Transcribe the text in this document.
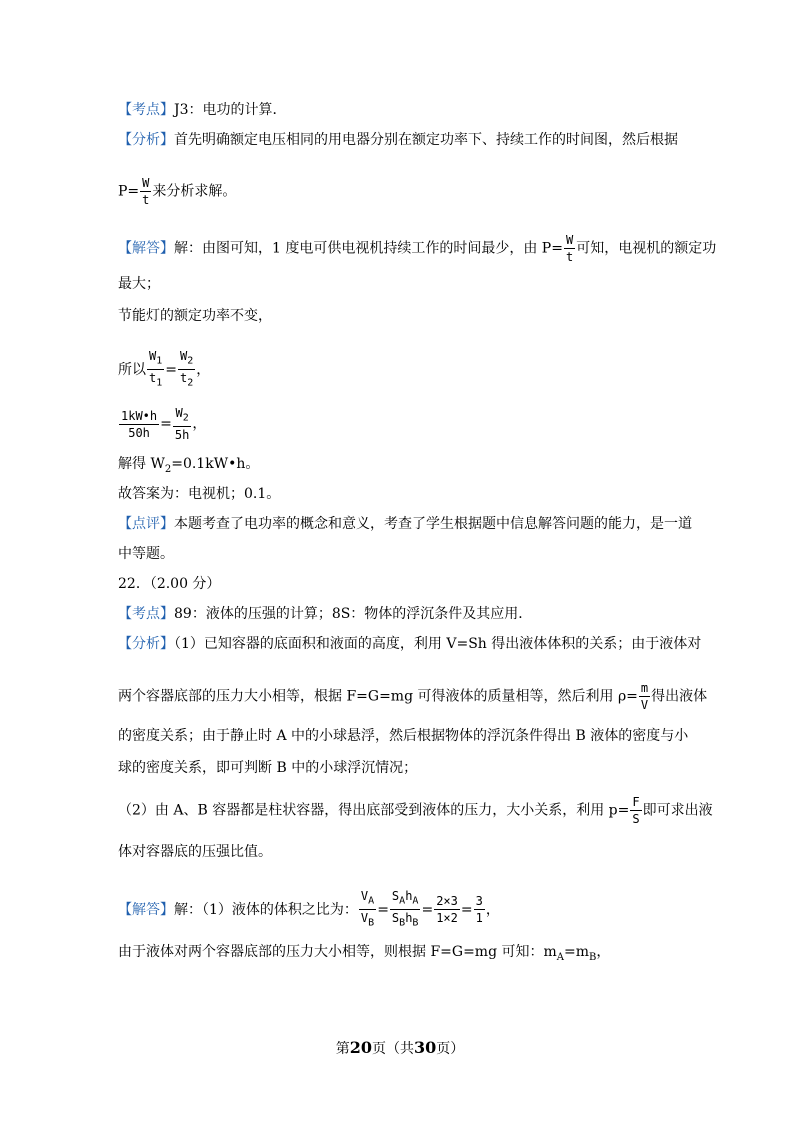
【考点】J3：电功的计算．
【分析】首先明确额定电压相同的用电器分别在额定功率下、持续工作的时间图，然后根据
$P= \frac{W}{t}$ 来分析求解。
【解答】解：由图可知，1 度电可供电视机持续工作的时间最少，由 $P= \frac{W}{t}$ 可知，电视机的额定功
最大；
节能灯的额定功率不变，
所以 $\frac{W_1}{t_1} = \frac{W_2}{t_2}$ ，
$\frac{1kW•h}{50h} = \frac{W_2}{5h}$ ，
解得 $W_2=0.1kW•h$。
故答案为：电视机；0.1。
【点评】本题考查了电功率的概念和意义，考查了学生根据题中信息解答问题的能力，是一道
中等题。
22．（2.00 分）
【考点】89：液体的压强的计算；8S：物体的浮沉条件及其应用．
【分析】（1）已知容器的底面积和液面的高度，利用 V=Sh 得出液体体积的关系；由于液体对
两个容器底部的压力大小相等，根据 F=G=mg 可得液体的质量相等，然后利用 $\rho= \frac{m}{V}$ 得出液体
的密度关系；由于静止时 A 中的小球悬浮，然后根据物体的浮沉条件得出 B 液体的密度与小
球的密度关系，即可判断 B 中的小球浮沉情况；
（2）由 A、B 容器都是柱状容器，得出底部受到液体的压力，大小关系，利用 $p= \frac{F}{S}$ 即可求出液
体对容器底的压强比值。
【解答】解：（1）液体的体积之比为： $\frac{V_A}{V_B} = \frac{S_Ah_A}{S_Bh_B} = \frac{2\times 3}{1\times 2} = \frac{3}{1}$ ，
由于液体对两个容器底部的压力大小相等，则根据 F=G=mg 可知：$m_A=m_B$，
第20页（共30页）
